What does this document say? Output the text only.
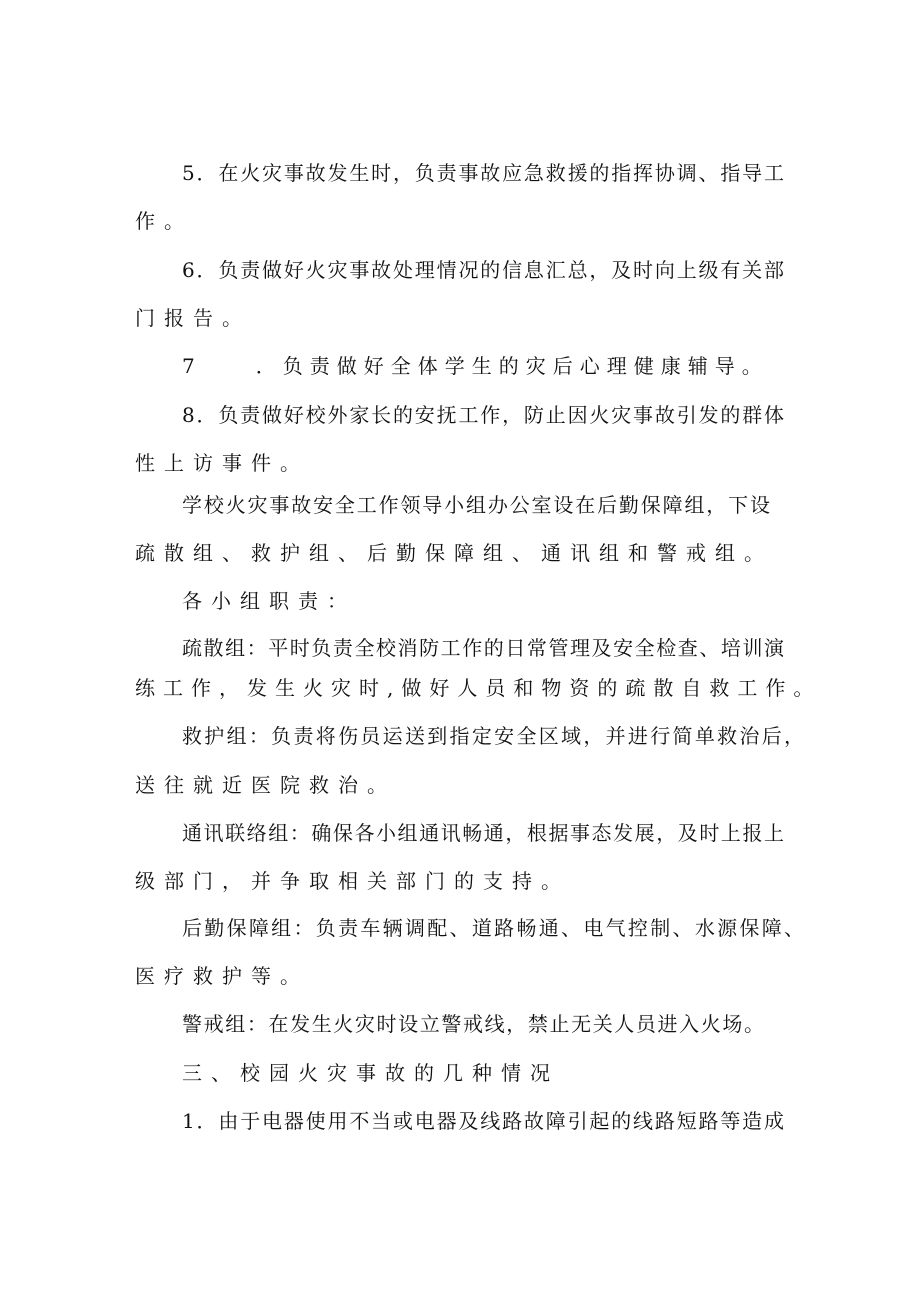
5．在火灾事故发生时，负责事故应急救援的指挥协调、指导工
作。
6．负责做好火灾事故处理情况的信息汇总，及时向上级有关部
门报告。
7　　．负责做好全体学生的灾后心理健康辅导。
8．负责做好校外家长的安抚工作，防止因火灾事故引发的群体
性上访事件。
学校火灾事故安全工作领导小组办公室设在后勤保障组，下设
疏散组、救护组、后勤保障组、通讯组和警戒组。
各小组职责：
疏散组：平时负责全校消防工作的日常管理及安全检查、培训演
练工作，发生火灾时,做好人员和物资的疏散自救工作。
救护组：负责将伤员运送到指定安全区域，并进行简单救治后，
送往就近医院救治。
通讯联络组：确保各小组通讯畅通，根据事态发展，及时上报上
级部门，并争取相关部门的支持。
后勤保障组：负责车辆调配、道路畅通、电气控制、水源保障、
医疗救护等。
警戒组：在发生火灾时设立警戒线，禁止无关人员进入火场。
三、校园火灾事故的几种情况
1．由于电器使用不当或电器及线路故障引起的线路短路等造成
